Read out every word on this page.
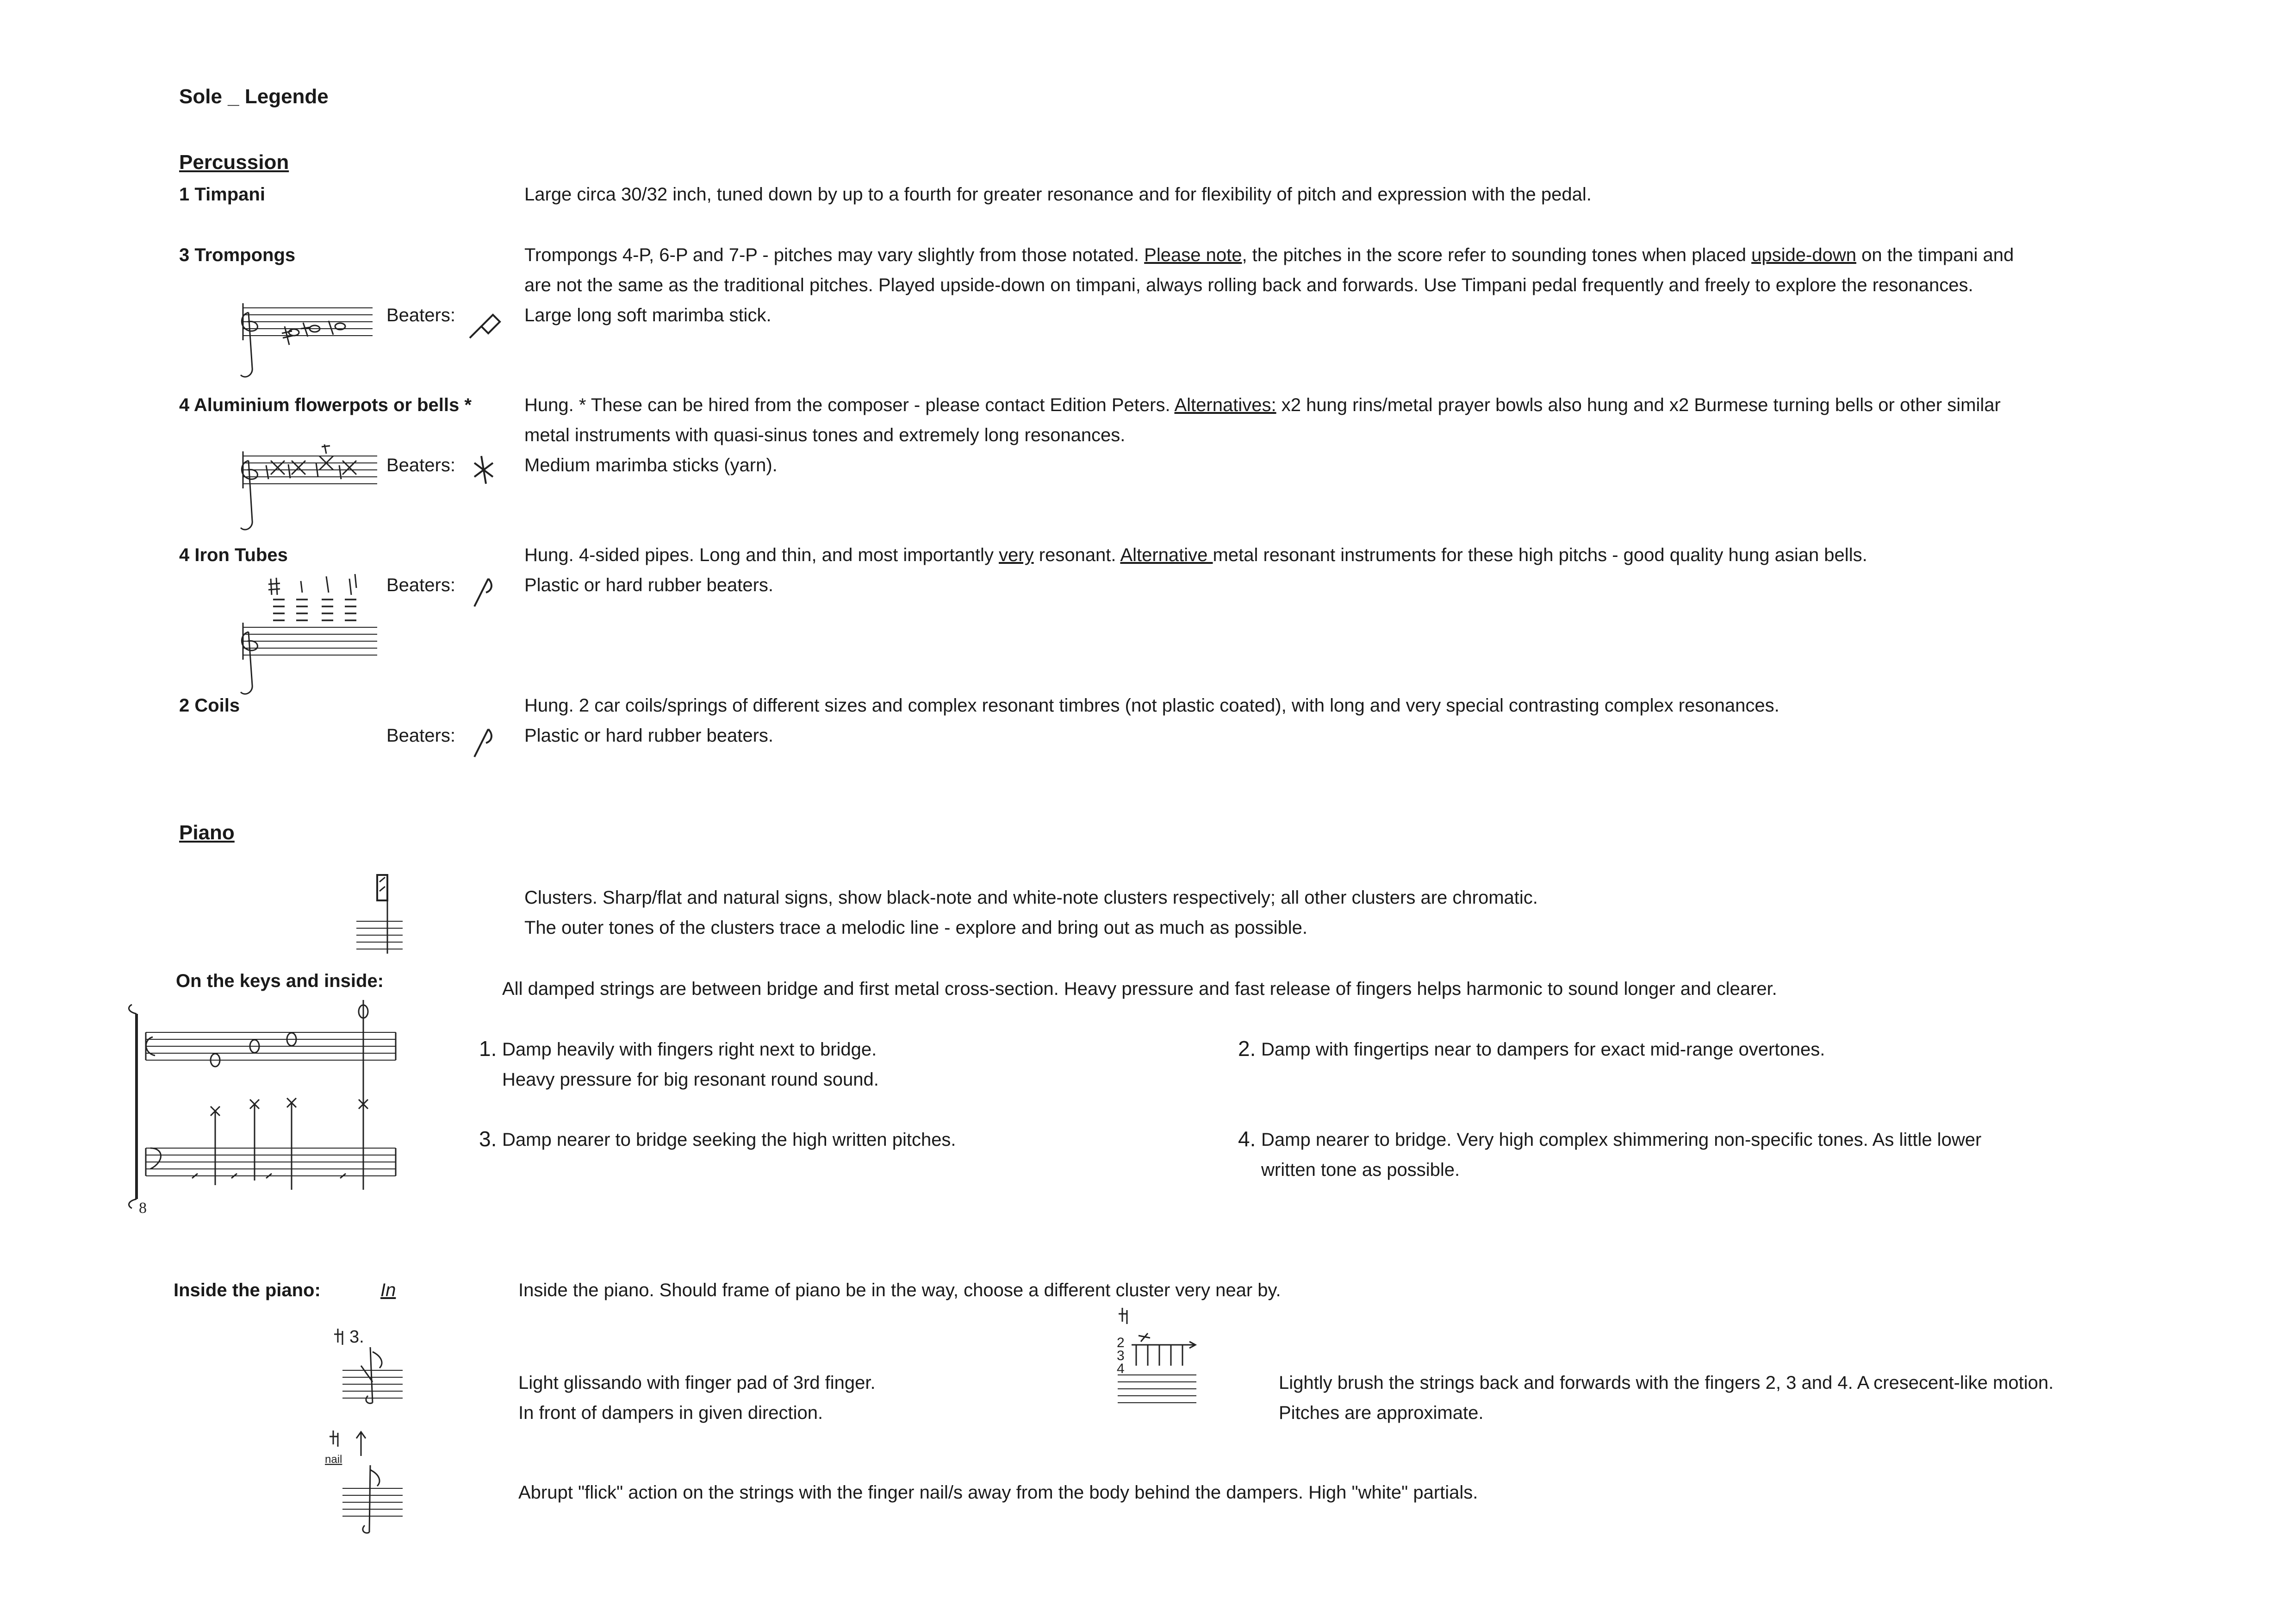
Sole _ Legende
Percussion
1 Timpani	Large circa 30/32 inch, tuned down by up to a fourth for greater resonance and for flexibility of pitch and expression with the pedal.
3 Trompongs	Trompongs 4-P, 6-P and 7-P - pitches may vary slightly from those notated. Please note, the pitches in the score refer to sounding tones when placed upside-down on the timpani and
are not the same as the traditional pitches. Played upside-down on timpani, always rolling back and forwards. Use Timpani pedal frequently and freely to explore the resonances.
Beaters:	Large long soft marimba stick.
4 Aluminium flowerpots or bells *	Hung. * These can be hired from the composer - please contact Edition Peters. Alternatives: x2 hung rins/metal prayer bowls also hung and x2 Burmese turning bells or other similar
metal instruments with quasi-sinus tones and extremely long resonances.
Beaters:	Medium marimba sticks (yarn).
4 Iron Tubes	Hung. 4-sided pipes. Long and thin, and most importantly very resonant. Alternative metal resonant instruments for these high pitchs - good quality hung asian bells.
Beaters:	Plastic or hard rubber beaters.
2 Coils	Hung. 2 car coils/springs of different sizes and complex resonant timbres (not plastic coated), with long and very special contrasting complex resonances.
Beaters:	Plastic or hard rubber beaters.
Piano
Clusters. Sharp/flat and natural signs, show black-note and white-note clusters respectively; all other clusters are chromatic.
The outer tones of the clusters trace a melodic line - explore and bring out as much as possible.
On the keys and inside:	All damped strings are between bridge and first metal cross-section. Heavy pressure and fast release of fingers helps harmonic to sound longer and clearer.
8
1. Damp heavily with fingers right next to bridge.
Heavy pressure for big resonant round sound.
2. Damp with fingertips near to dampers for exact mid-range overtones.
3. Damp nearer to bridge seeking the high written pitches.	4. Damp nearer to bridge. Very high complex shimmering non-specific tones. As little lower
written tone as possible.
Inside the piano:	In	Inside the piano. Should frame of piano be in the way, choose a different cluster very near by.
3.
Light glissando with finger pad of 3rd finger.
In front of dampers in given direction.
2
3
4
Lightly brush the strings back and forwards with the fingers 2, 3 and 4. A cresecent-like motion.
Pitches are approximate.
nail
Abrupt "flick" action on the strings with the finger nail/s away from the body behind the dampers. High "white" partials.
